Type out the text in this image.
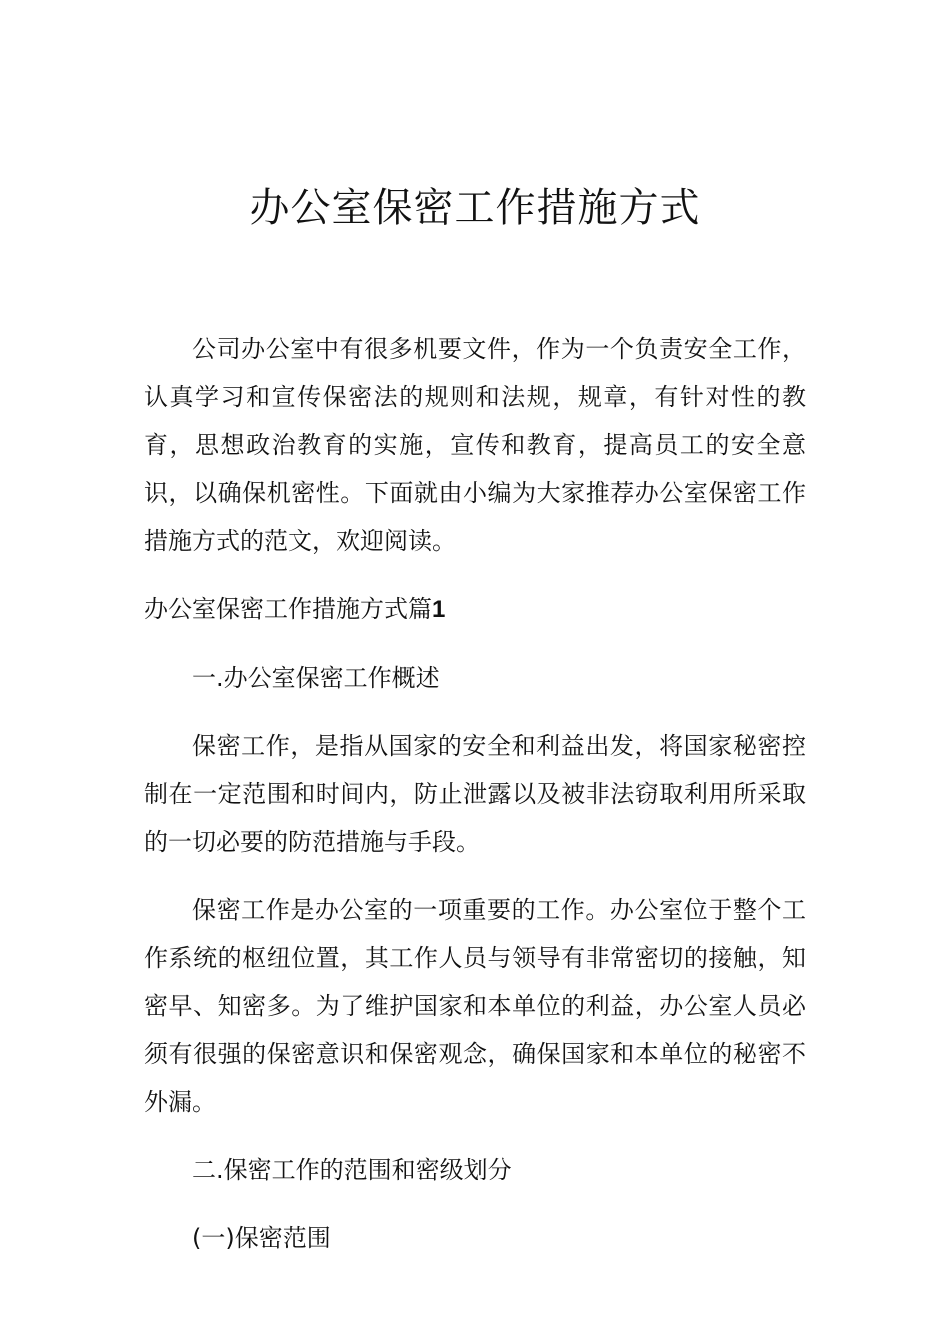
办公室保密工作措施方式

公司办公室中有很多机要文件，作为一个负责安全工作，认真学习和宣传保密法的规则和法规，规章，有针对性的教育，思想政治教育的实施，宣传和教育，提高员工的安全意识，以确保机密性。下面就由小编为大家推荐办公室保密工作措施方式的范文，欢迎阅读。

办公室保密工作措施方式篇1

一.办公室保密工作概述

保密工作，是指从国家的安全和利益出发，将国家秘密控制在一定范围和时间内，防止泄露以及被非法窃取利用所采取的一切必要的防范措施与手段。

保密工作是办公室的一项重要的工作。办公室位于整个工作系统的枢纽位置，其工作人员与领导有非常密切的接触，知密早、知密多。为了维护国家和本单位的利益，办公室人员必须有很强的保密意识和保密观念，确保国家和本单位的秘密不外漏。

二.保密工作的范围和密级划分

(一)保密范围
